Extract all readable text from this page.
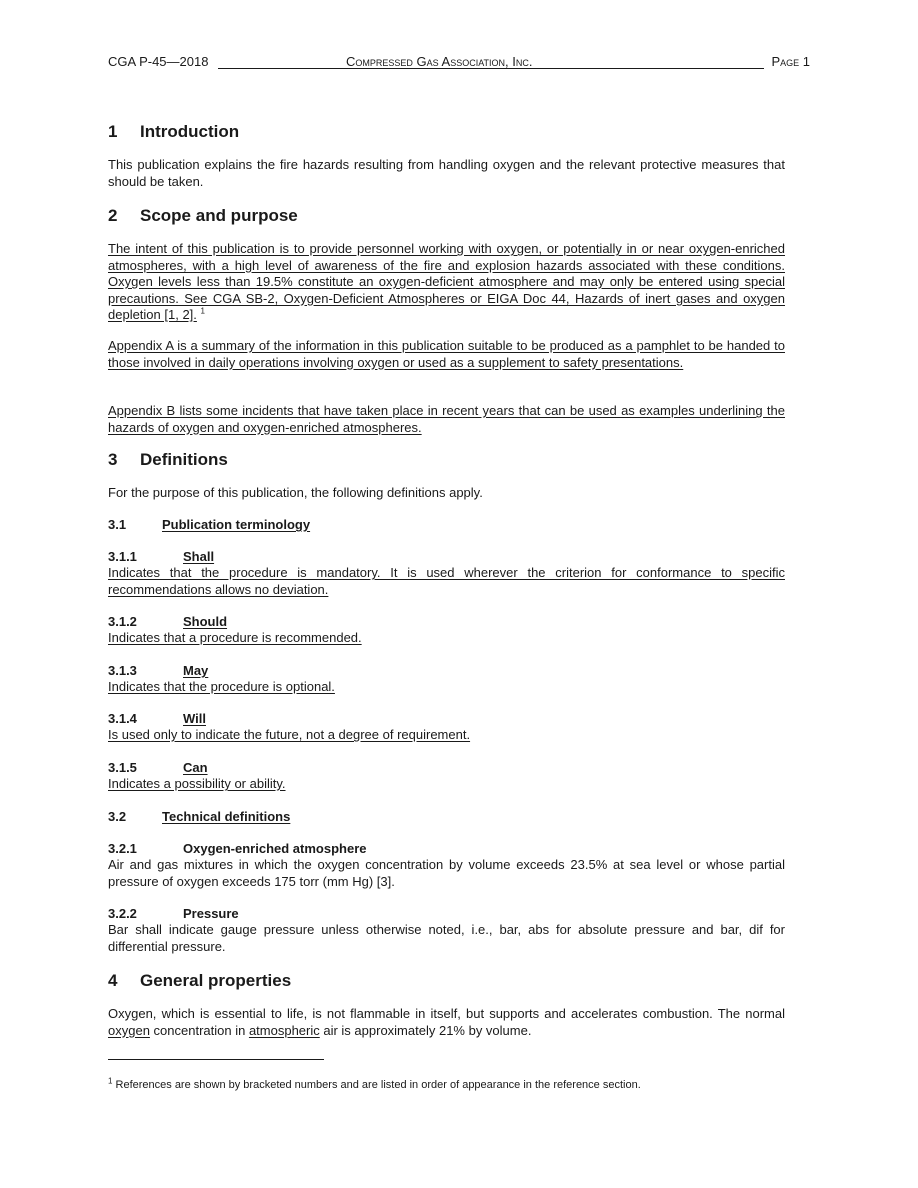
CGA P-45—2018	Compressed Gas Association, Inc.	Page 1

1 Introduction

This publication explains the fire hazards resulting from handling oxygen and the relevant protective measures that should be taken.

2 Scope and purpose

The intent of this publication is to provide personnel working with oxygen, or potentially in or near oxygen-enriched atmospheres, with a high level of awareness of the fire and explosion hazards associated with these conditions. Oxygen levels less than 19.5% constitute an oxygen-deficient atmosphere and may only be entered using special precautions. See CGA SB-2, Oxygen-Deficient Atmospheres or EIGA Doc 44, Hazards of inert gases and oxygen depletion [1, 2]. $^1$

Appendix A is a summary of the information in this publication suitable to be produced as a pamphlet to be handed to those involved in daily operations involving oxygen or used as a supplement to safety presentations.

Appendix B lists some incidents that have taken place in recent years that can be used as examples underlining the hazards of oxygen and oxygen-enriched atmospheres.

3 Definitions

For the purpose of this publication, the following definitions apply.

3.1	Publication terminology

3.1.1	Shall

Indicates that the procedure is mandatory. It is used wherever the criterion for conformance to specific recommendations allows no deviation.

3.1.2	Should

Indicates that a procedure is recommended.

3.1.3	May

Indicates that the procedure is optional.

3.1.4	Will

Is used only to indicate the future, not a degree of requirement.

3.1.5	Can

Indicates a possibility or ability.

3.2	Technical definitions

3.2.1	Oxygen-enriched atmosphere

Air and gas mixtures in which the oxygen concentration by volume exceeds 23.5% at sea level or whose partial pressure of oxygen exceeds 175 torr (mm Hg) [3].

3.2.2	Pressure

Bar shall indicate gauge pressure unless otherwise noted, i.e., bar, abs for absolute pressure and bar, dif for differential pressure.

4 General properties

Oxygen, which is essential to life, is not flammable in itself, but supports and accelerates combustion. The normal oxygen concentration in atmospheric air is approximately 21% by volume.

$^1$ References are shown by bracketed numbers and are listed in order of appearance in the reference section.
